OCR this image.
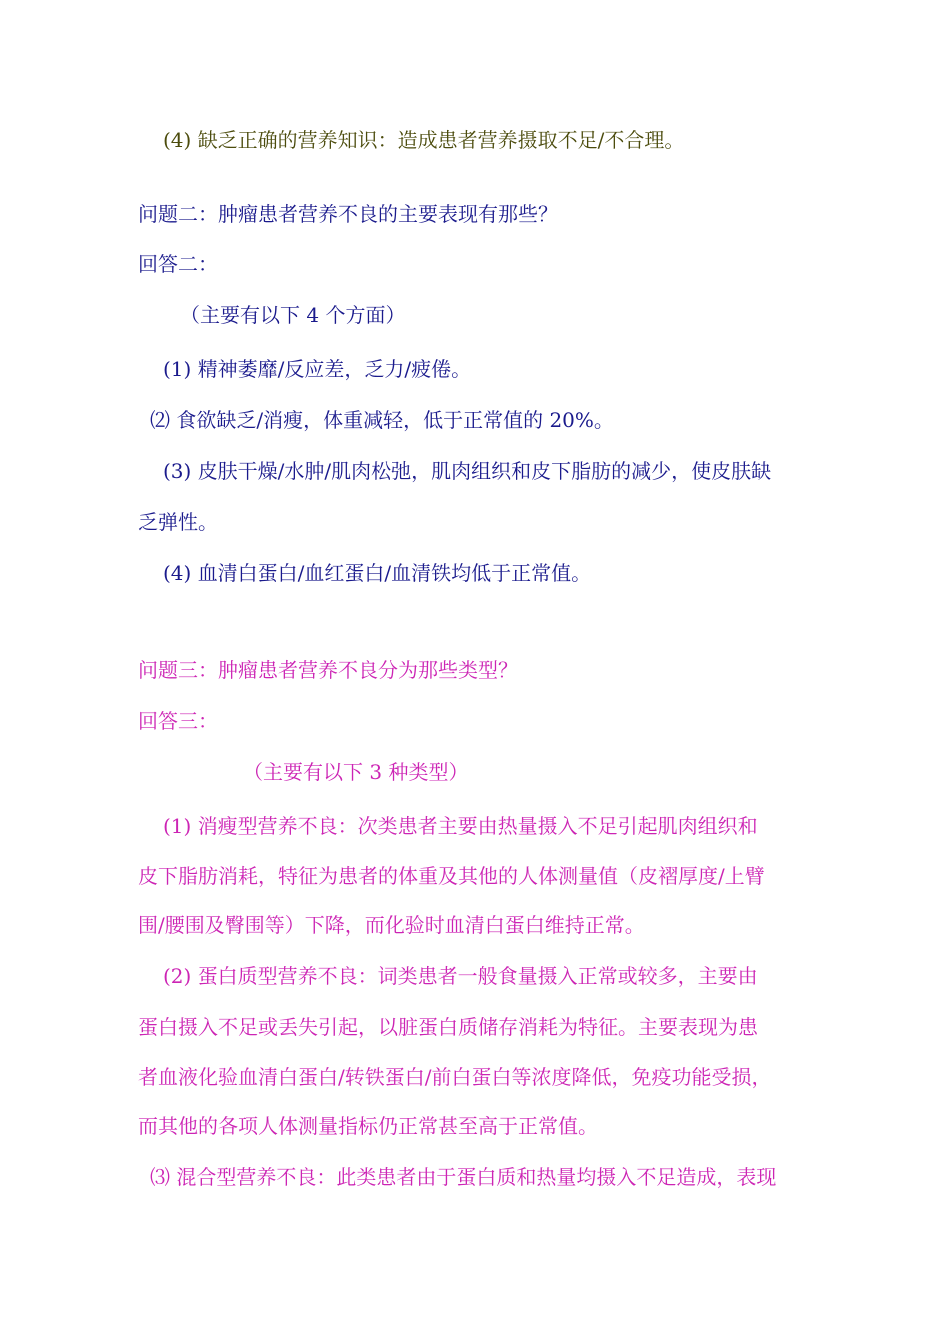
(4) 缺乏正确的营养知识：造成患者营养摄取不足/不合理。
问题二：肿瘤患者营养不良的主要表现有那些？
回答二：
（主要有以下 4 个方面）
(1) 精神萎靡/反应差，乏力/疲倦。
⑵ 食欲缺乏/消瘦，体重减轻，低于正常值的 20%。
(3) 皮肤干燥/水肿/肌肉松弛，肌肉组织和皮下脂肪的减少，使皮肤缺
乏弹性。
(4) 血清白蛋白/血红蛋白/血清铁均低于正常值。
问题三：肿瘤患者营养不良分为那些类型？
回答三：
（主要有以下 3 种类型）
(1) 消瘦型营养不良：次类患者主要由热量摄入不足引起肌肉组织和
皮下脂肪消耗，特征为患者的体重及其他的人体测量值（皮褶厚度/上臂
围/腰围及臀围等）下降，而化验时血清白蛋白维持正常。
(2) 蛋白质型营养不良：词类患者一般食量摄入正常或较多，主要由
蛋白摄入不足或丢失引起，以脏蛋白质储存消耗为特征。主要表现为患
者血液化验血清白蛋白/转铁蛋白/前白蛋白等浓度降低，免疫功能受损，
而其他的各项人体测量指标仍正常甚至高于正常值。
⑶ 混合型营养不良：此类患者由于蛋白质和热量均摄入不足造成，表现
